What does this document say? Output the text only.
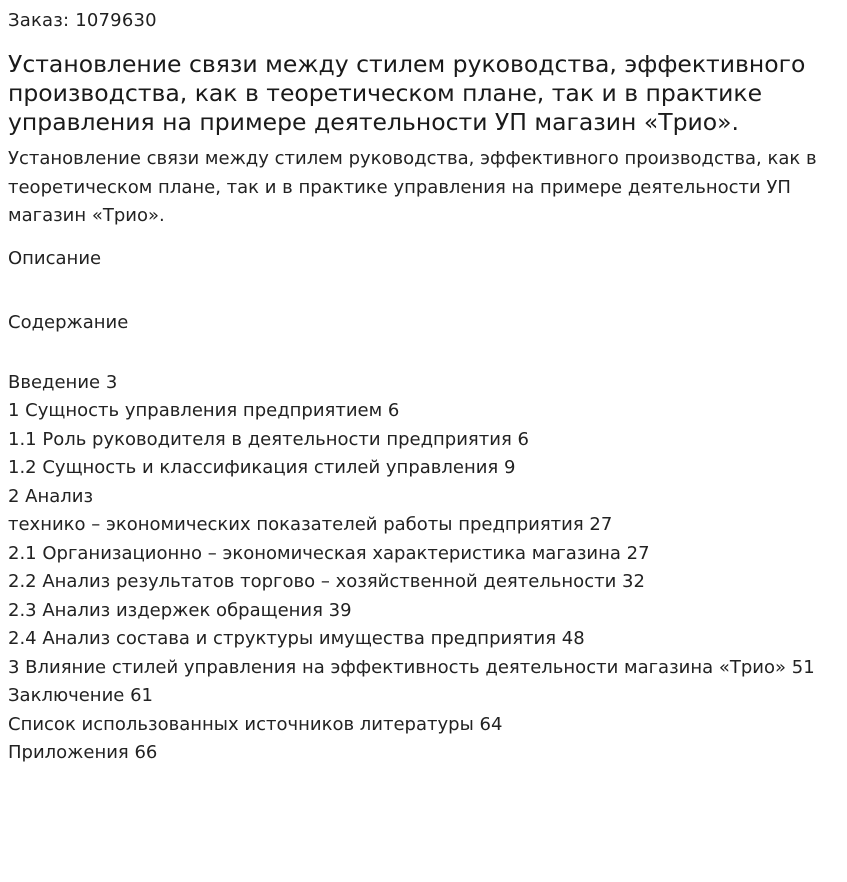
Заказ: 1079630

Установление связи между стилем руководства, эффективного производства, как в теоретическом плане, так и в практике управления на примере деятельности УП магазин «Трио».

Установление связи между стилем руководства, эффективного производства, как в теоретическом плане, так и в практике управления на примере деятельности УП магазин «Трио».

Описание

Содержание

Введение 3
1 Сущность управления предприятием 6
1.1 Роль руководителя в деятельности предприятия 6
1.2 Сущность и классификация стилей управления 9
2 Анализ
технико – экономических показателей работы предприятия 27
2.1 Организационно – экономическая характеристика магазина 27
2.2 Анализ результатов торгово – хозяйственной деятельности 32
2.3 Анализ издержек обращения 39
2.4 Анализ состава и структуры имущества предприятия 48
3 Влияние стилей управления на эффективность деятельности магазина «Трио» 51
Заключение 61
Список использованных источников литературы 64
Приложения 66
